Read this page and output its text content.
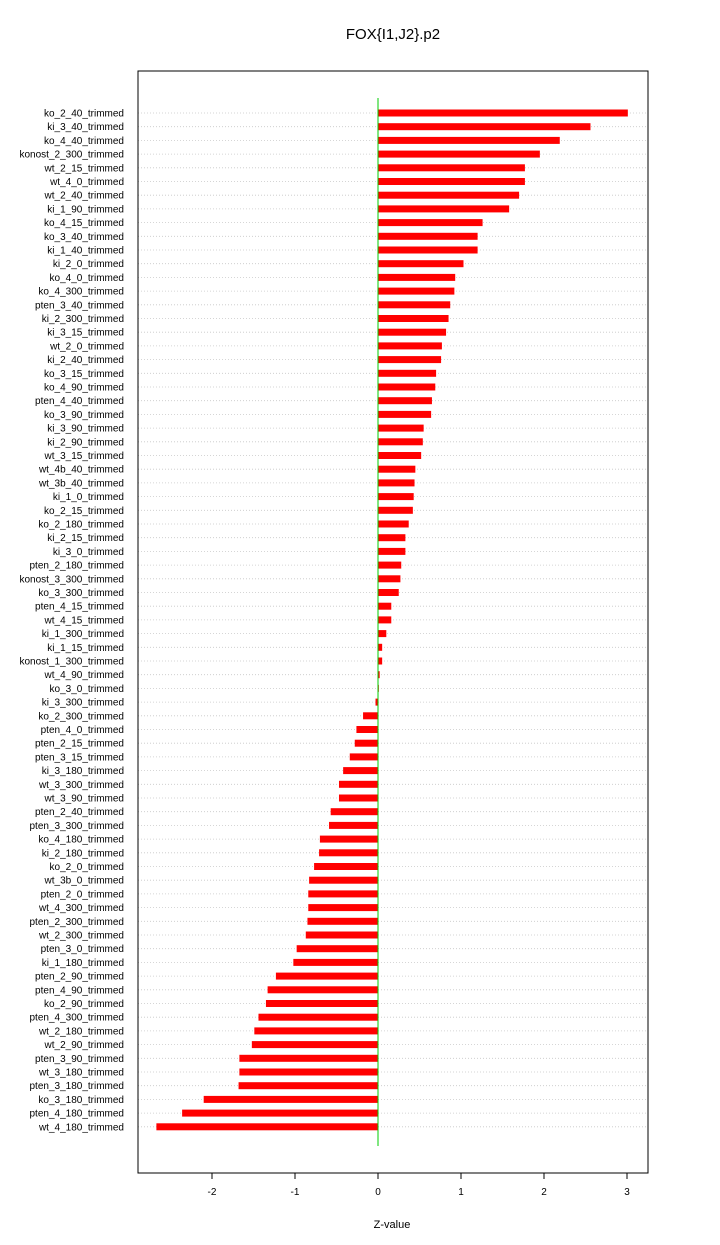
FOX{I1,J2}.p2
ko_2_40_trimmed
ki_3_40_trimmed
ko_4_40_trimmed
konost_2_300_trimmed
wt_2_15_trimmed
wt_4_0_trimmed
wt_2_40_trimmed
ki_1_90_trimmed
ko_4_15_trimmed
ko_3_40_trimmed
ki_1_40_trimmed
ki_2_0_trimmed
ko_4_0_trimmed
ko_4_300_trimmed
pten_3_40_trimmed
ki_2_300_trimmed
ki_3_15_trimmed
wt_2_0_trimmed
ki_2_40_trimmed
ko_3_15_trimmed
ko_4_90_trimmed
pten_4_40_trimmed
ko_3_90_trimmed
ki_3_90_trimmed
ki_2_90_trimmed
wt_3_15_trimmed
wt_4b_40_trimmed
wt_3b_40_trimmed
ki_1_0_trimmed
ko_2_15_trimmed
ko_2_180_trimmed
ki_2_15_trimmed
ki_3_0_trimmed
pten_2_180_trimmed
konost_3_300_trimmed
ko_3_300_trimmed
pten_4_15_trimmed
wt_4_15_trimmed
ki_1_300_trimmed
ki_1_15_trimmed
konost_1_300_trimmed
wt_4_90_trimmed
ko_3_0_trimmed
ki_3_300_trimmed
ko_2_300_trimmed
pten_4_0_trimmed
pten_2_15_trimmed
pten_3_15_trimmed
ki_3_180_trimmed
wt_3_300_trimmed
wt_3_90_trimmed
pten_2_40_trimmed
pten_3_300_trimmed
ko_4_180_trimmed
ki_2_180_trimmed
ko_2_0_trimmed
wt_3b_0_trimmed
pten_2_0_trimmed
wt_4_300_trimmed
pten_2_300_trimmed
wt_2_300_trimmed
pten_3_0_trimmed
ki_1_180_trimmed
pten_2_90_trimmed
pten_4_90_trimmed
ko_2_90_trimmed
pten_4_300_trimmed
wt_2_180_trimmed
wt_2_90_trimmed
pten_3_90_trimmed
wt_3_180_trimmed
pten_3_180_trimmed
ko_3_180_trimmed
pten_4_180_trimmed
wt_4_180_trimmed
-2	-1	0	1	2	3
Z-value
